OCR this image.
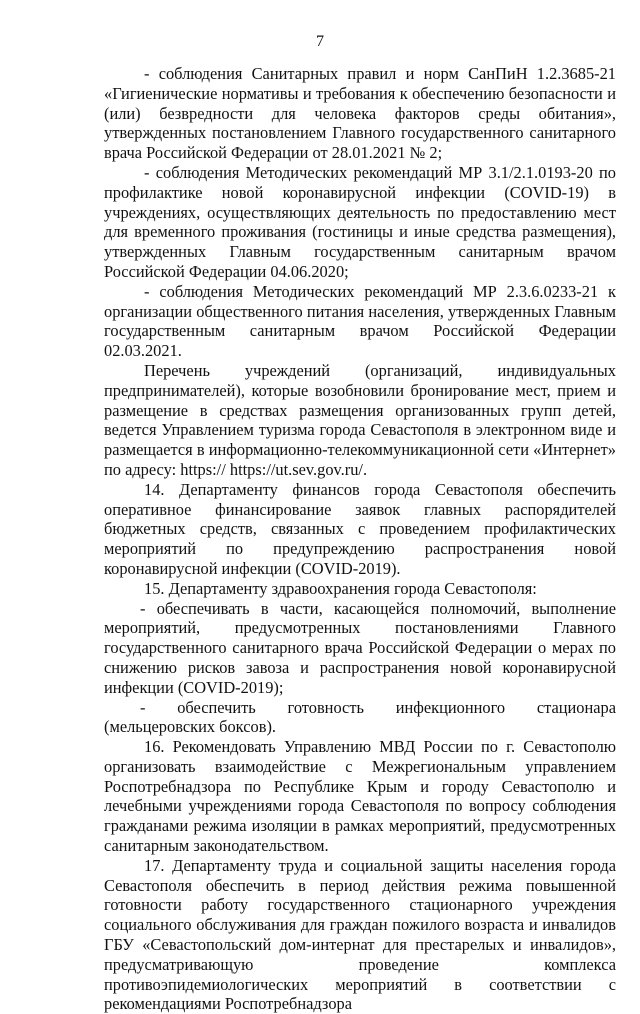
7

- соблюдения Санитарных правил и норм СанПиН 1.2.3685-21 «Гигиенические нормативы и требования к обеспечению безопасности и (или) безвредности для человека факторов среды обитания», утвержденных постановлением Главного государственного санитарного врача Российской Федерации от 28.01.2021 № 2;

- соблюдения Методических рекомендаций МР 3.1/2.1.0193-20 по профилактике новой коронавирусной инфекции (COVID-19) в учреждениях, осуществляющих деятельность по предоставлению мест для временного проживания (гостиницы и иные средства размещения), утвержденных Главным государственным санитарным врачом Российской Федерации 04.06.2020;

- соблюдения Методических рекомендаций МР 2.3.6.0233-21 к организации общественного питания населения, утвержденных Главным государственным санитарным врачом Российской Федерации 02.03.2021.

Перечень учреждений (организаций, индивидуальных предпринимателей), которые возобновили бронирование мест, прием и размещение в средствах размещения организованных групп детей, ведется Управлением туризма города Севастополя в электронном виде и размещается в информационно-телекоммуникационной сети «Интернет» по адресу: https:// https://ut.sev.gov.ru/.

14. Департаменту финансов города Севастополя обеспечить оперативное финансирование заявок главных распорядителей бюджетных средств, связанных с проведением профилактических мероприятий по предупреждению распространения новой коронавирусной инфекции (COVID-2019).

15. Департаменту здравоохранения города Севастополя:

- обеспечивать в части, касающейся полномочий, выполнение мероприятий, предусмотренных постановлениями Главного государственного санитарного врача Российской Федерации о мерах по снижению рисков завоза и распространения новой коронавирусной инфекции (COVID-2019);

- обеспечить готовность инфекционного стационара (мельцеровских боксов).

16. Рекомендовать Управлению МВД России по г. Севастополю организовать взаимодействие с Межрегиональным управлением Роспотребнадзора по Республике Крым и городу Севастополю и лечебными учреждениями города Севастополя по вопросу соблюдения гражданами режима изоляции в рамках мероприятий, предусмотренных санитарным законодательством.

17. Департаменту труда и социальной защиты населения города Севастополя обеспечить в период действия режима повышенной готовности работу государственного стационарного учреждения социального обслуживания для граждан пожилого возраста и инвалидов ГБУ «Севастопольский дом-интернат для престарелых и инвалидов», предусматривающую проведение комплекса противоэпидемиологических мероприятий в соответствии с рекомендациями Роспотребнадзора
